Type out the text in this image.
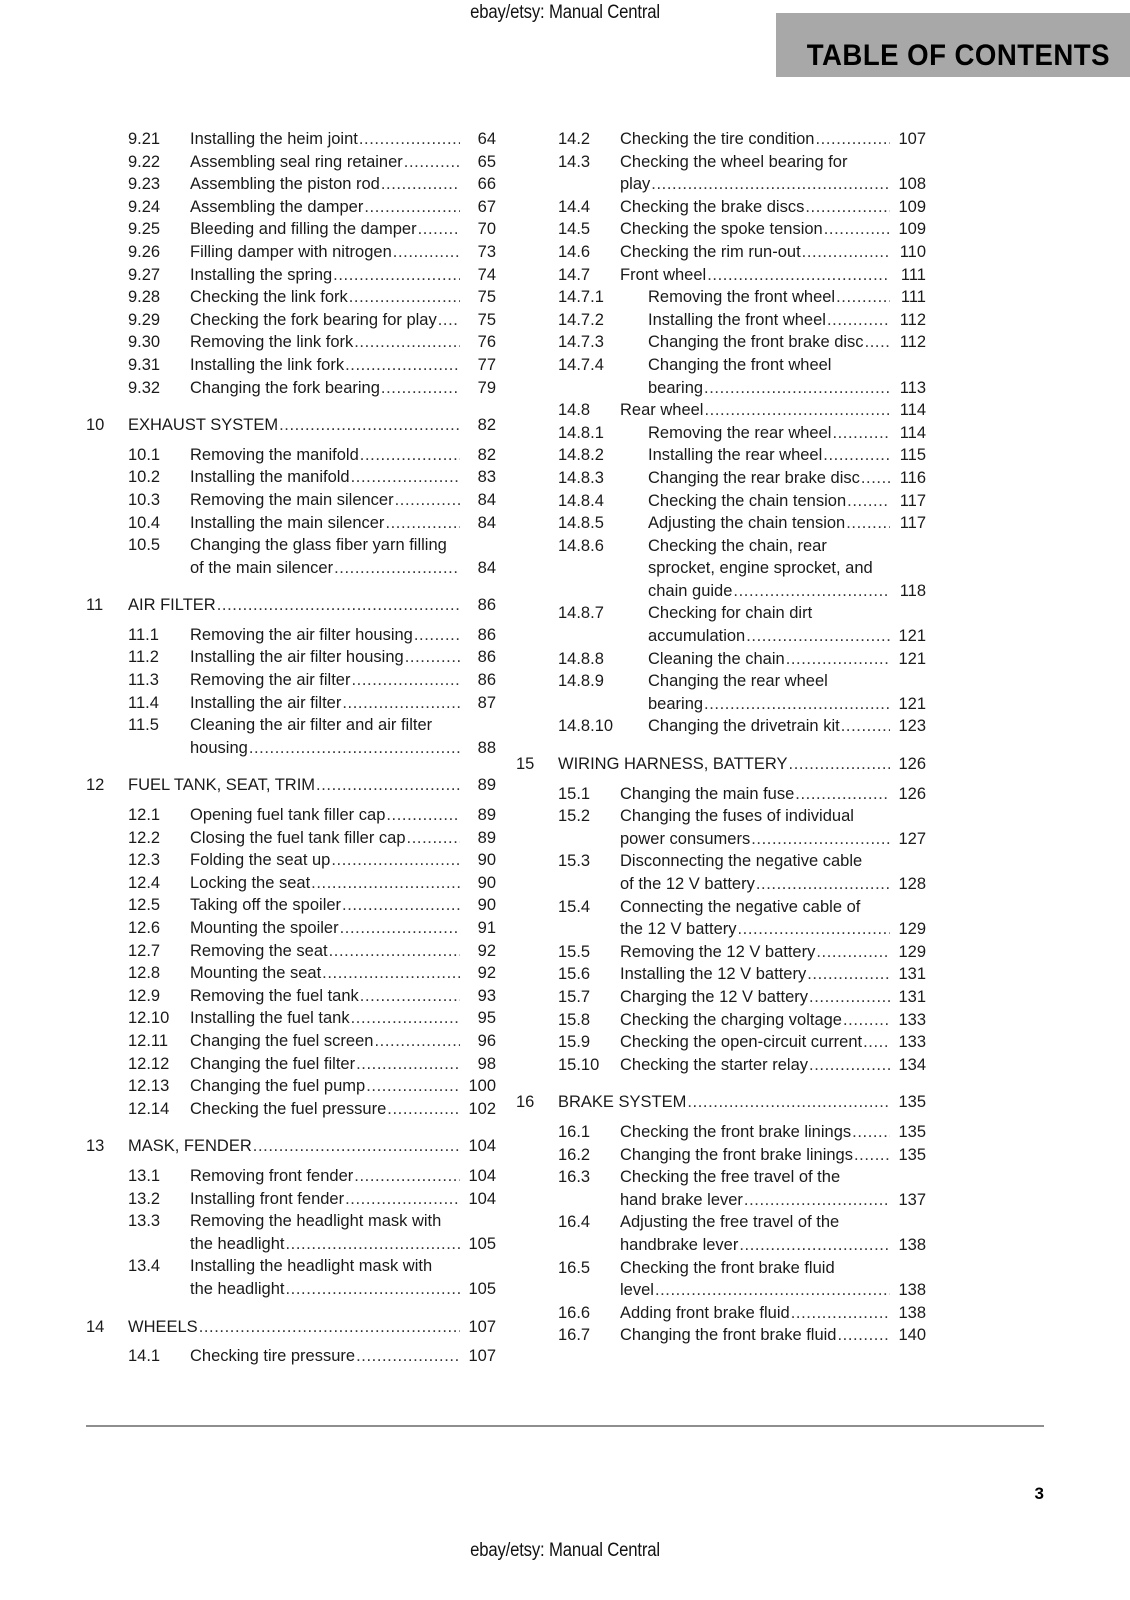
ebay/etsy: Manual Central
TABLE OF CONTENTS
9.21	Installing the heim joint .....	64
9.22	Assembling seal ring retainer .....	65
9.23	Assembling the piston rod .....	66
9.24	Assembling the damper .....	67
9.25	Bleeding and filling the damper .....	70
9.26	Filling damper with nitrogen .....	73
9.27	Installing the spring .....	74
9.28	Checking the link fork .....	75
9.29	Checking the fork bearing for play .....	75
9.30	Removing the link fork .....	76
9.31	Installing the link fork .....	77
9.32	Changing the fork bearing .....	79
10	EXHAUST SYSTEM .....	82
10.1	Removing the manifold .....	82
10.2	Installing the manifold .....	83
10.3	Removing the main silencer .....	84
10.4	Installing the main silencer .....	84
10.5	Changing the glass fiber yarn filling
of the main silencer .....	84
11	AIR FILTER .....	86
11.1	Removing the air filter housing .....	86
11.2	Installing the air filter housing .....	86
11.3	Removing the air filter .....	86
11.4	Installing the air filter .....	87
11.5	Cleaning the air filter and air filter
housing .....	88
12	FUEL TANK, SEAT, TRIM .....	89
12.1	Opening fuel tank filler cap .....	89
12.2	Closing the fuel tank filler cap .....	89
12.3	Folding the seat up .....	90
12.4	Locking the seat .....	90
12.5	Taking off the spoiler .....	90
12.6	Mounting the spoiler .....	91
12.7	Removing the seat .....	92
12.8	Mounting the seat .....	92
12.9	Removing the fuel tank .....	93
12.10	Installing the fuel tank .....	95
12.11	Changing the fuel screen .....	96
12.12	Changing the fuel filter .....	98
12.13	Changing the fuel pump .....	100
12.14	Checking the fuel pressure .....	102
13	MASK, FENDER .....	104
13.1	Removing front fender .....	104
13.2	Installing front fender .....	104
13.3	Removing the headlight mask with
the headlight .....	105
13.4	Installing the headlight mask with
the headlight .....	105
14	WHEELS .....	107
14.1	Checking tire pressure .....	107
14.2	Checking the tire condition .....	107
14.3	Checking the wheel bearing for
play .....	108
14.4	Checking the brake discs .....	109
14.5	Checking the spoke tension .....	109
14.6	Checking the rim run-out .....	110
14.7	Front wheel .....	111
14.7.1	Removing the front wheel .....	111
14.7.2	Installing the front wheel .....	112
14.7.3	Changing the front brake disc .....	112
14.7.4	Changing the front wheel
bearing .....	113
14.8	Rear wheel .....	114
14.8.1	Removing the rear wheel .....	114
14.8.2	Installing the rear wheel .....	115
14.8.3	Changing the rear brake disc .....	116
14.8.4	Checking the chain tension .....	117
14.8.5	Adjusting the chain tension .....	117
14.8.6	Checking the chain, rear
sprocket, engine sprocket, and
chain guide .....	118
14.8.7	Checking for chain dirt
accumulation .....	121
14.8.8	Cleaning the chain .....	121
14.8.9	Changing the rear wheel
bearing .....	121
14.8.10	Changing the drivetrain kit .....	123
15	WIRING HARNESS, BATTERY .....	126
15.1	Changing the main fuse .....	126
15.2	Changing the fuses of individual
power consumers .....	127
15.3	Disconnecting the negative cable
of the 12 V battery .....	128
15.4	Connecting the negative cable of
the 12 V battery .....	129
15.5	Removing the 12 V battery .....	129
15.6	Installing the 12 V battery .....	131
15.7	Charging the 12 V battery .....	131
15.8	Checking the charging voltage .....	133
15.9	Checking the open-circuit current .....	133
15.10	Checking the starter relay .....	134
16	BRAKE SYSTEM .....	135
16.1	Checking the front brake linings .....	135
16.2	Changing the front brake linings .....	135
16.3	Checking the free travel of the
hand brake lever .....	137
16.4	Adjusting the free travel of the
handbrake lever .....	138
16.5	Checking the front brake fluid
level .....	138
16.6	Adding front brake fluid .....	138
16.7	Changing the front brake fluid .....	140
3
ebay/etsy: Manual Central
